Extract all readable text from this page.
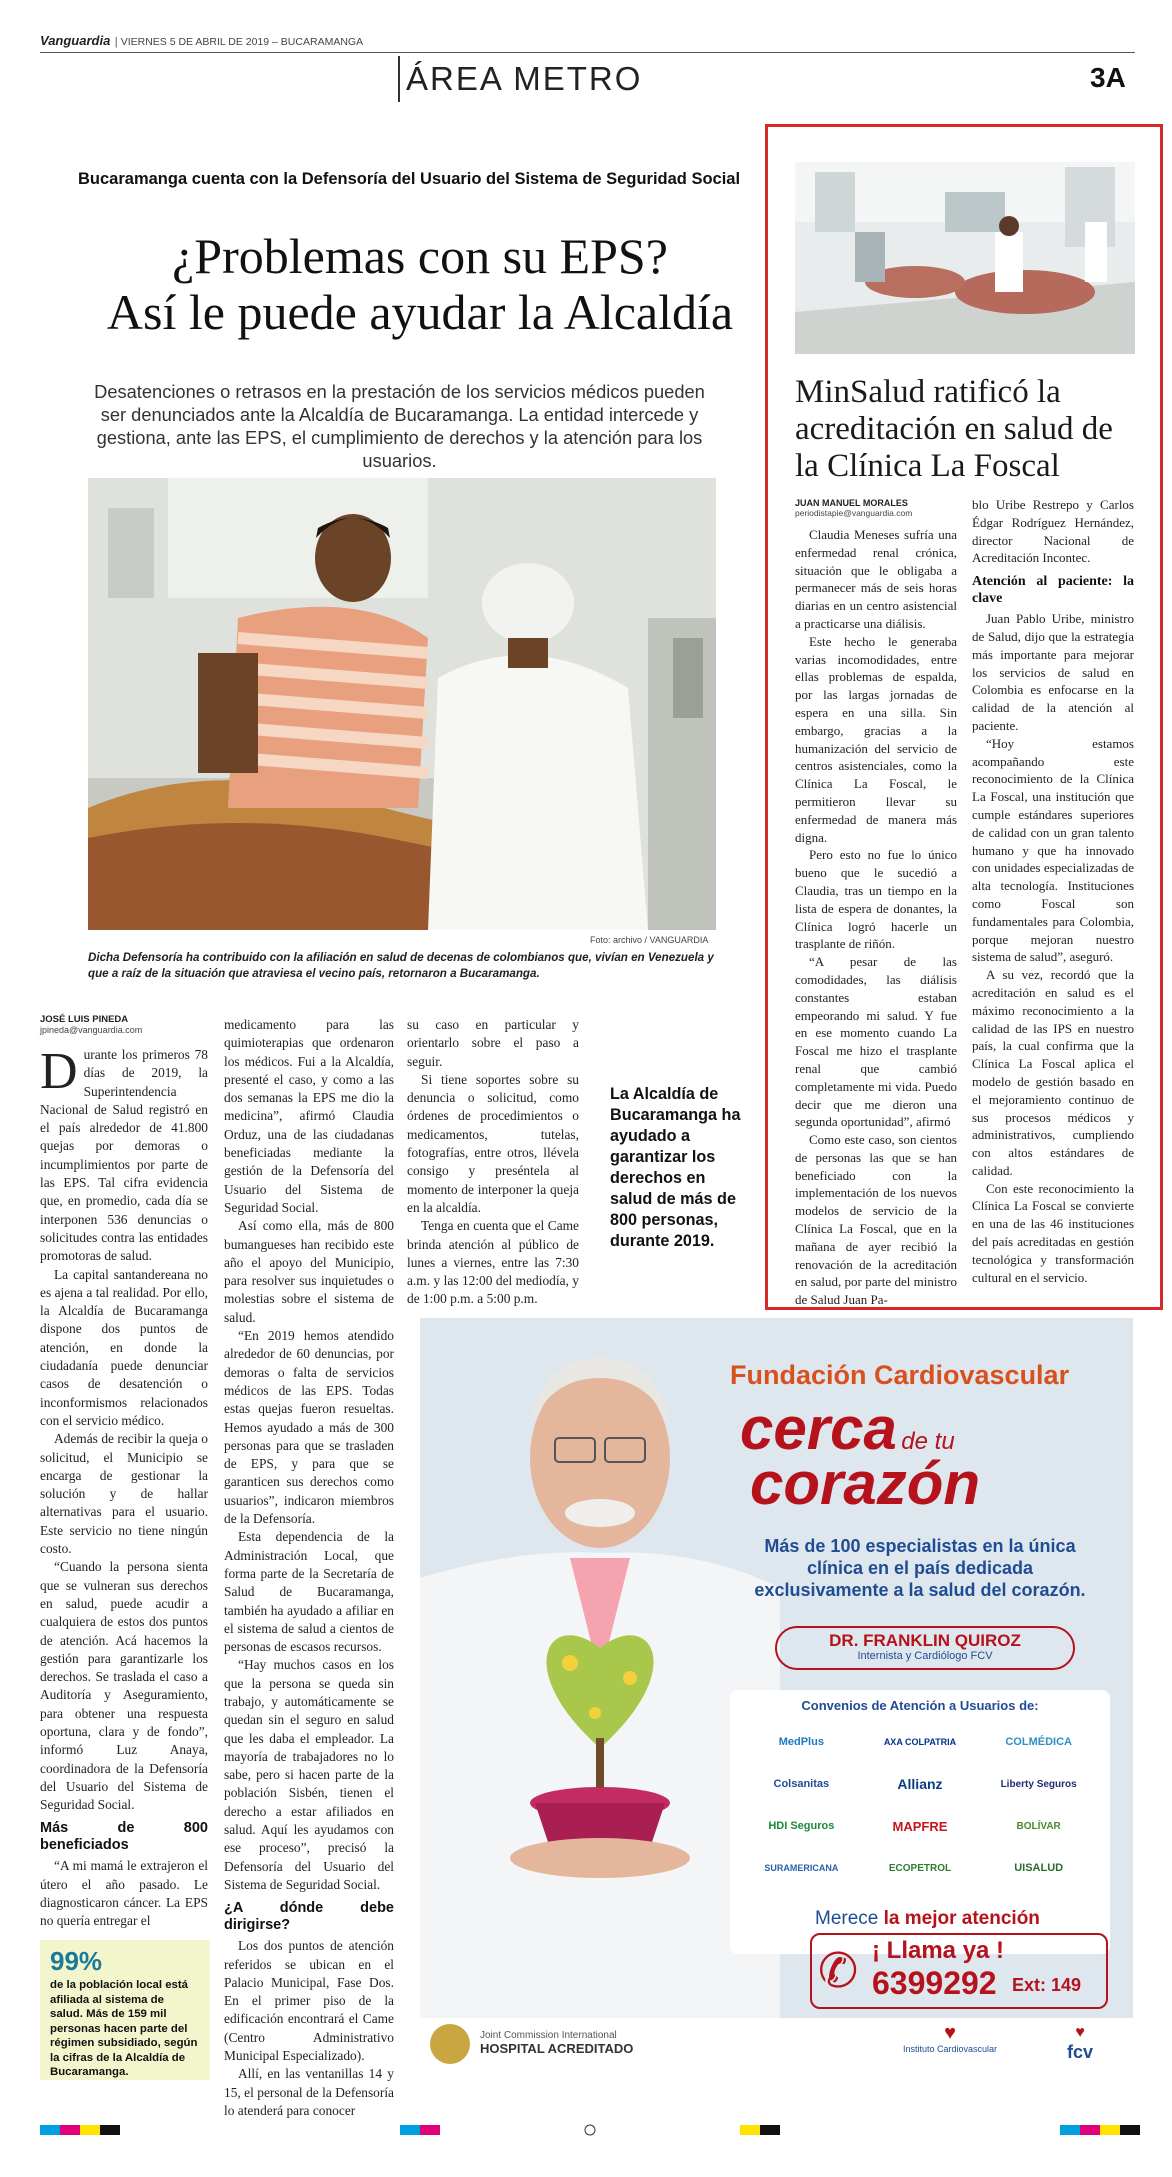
Vanguardia | VIERNES 5 DE ABRIL DE 2019 – BUCARAMANGA
ÁREA METRO	3A
Bucaramanga cuenta con la Defensoría del Usuario del Sistema de Seguridad Social
¿Problemas con su EPS?
Así le puede ayudar la Alcaldía
Desatenciones o retrasos en la prestación de los servicios médicos pueden ser denunciados ante la Alcaldía de Bucaramanga. La entidad intercede y gestiona, ante las EPS, el cumplimiento de derechos y la atención para los usuarios.
Foto: archivo / VANGUARDIA
Dicha Defensoría ha contribuido con la afiliación en salud de decenas de colombianos que, vivían en Venezuela y que a raíz de la situación que atraviesa el vecino país, retornaron a Bucaramanga.
JOSÉ LUIS PINEDA
jpineda@vanguardia.com

Durante los primeros 78 días de 2019, la Superintendencia Nacional de Salud registró en el país alrededor de 41.800 quejas por demoras o incumplimientos por parte de las EPS. Tal cifra evidencia que, en promedio, cada día se interponen 536 denuncias o solicitudes contra las entidades promotoras de salud.

La capital santandereana no es ajena a tal realidad. Por ello, la Alcaldía de Bucaramanga dispone dos puntos de atención, en donde la ciudadanía puede denunciar casos de desatención o inconformismos relacionados con el servicio médico.

Además de recibir la queja o solicitud, el Municipio se encarga de gestionar la solución y de hallar alternativas para el usuario. Este servicio no tiene ningún costo.

“Cuando la persona sienta que se vulneran sus derechos en salud, puede acudir a cualquiera de estos dos puntos de atención. Acá hacemos la gestión para garantizarle los derechos. Se traslada el caso a Auditoría y Aseguramiento, para obtener una respuesta oportuna, clara y de fondo”, informó Luz Anaya, coordinadora de la Defensoría del Usuario del Sistema de Seguridad Social.

Más de 800 beneficiados

“A mi mamá le extrajeron el útero el año pasado. Le diagnosticaron cáncer. La EPS no quería entregar el

99%
de la población local está afiliada al sistema de salud. Más de 159 mil personas hacen parte del régimen subsidiado, según la cifras de la Alcaldía de Bucaramanga.

medicamento para las quimioterapias que ordenaron los médicos. Fui a la Alcaldía, presenté el caso, y como a las dos semanas la EPS me dio la medicina”, afirmó Claudia Orduz, una de las ciudadanas beneficiadas mediante la gestión de la Defensoría del Usuario del Sistema de Seguridad Social.

Así como ella, más de 800 bumangueses han recibido este año el apoyo del Municipio, para resolver sus inquietudes o molestias sobre el sistema de salud.

“En 2019 hemos atendido alrededor de 60 denuncias, por demoras o falta de servicios médicos de las EPS. Todas estas quejas fueron resueltas. Hemos ayudado a más de 300 personas para que se trasladen de EPS, y para que se garanticen sus derechos como usuarios”, indicaron miembros de la Defensoría.

Esta dependencia de la Administración Local, que forma parte de la Secretaría de Salud de Bucaramanga, también ha ayudado a afiliar en el sistema de salud a cientos de personas de escasos recursos.

“Hay muchos casos en los que la persona se queda sin trabajo, y automáticamente se quedan sin el seguro en salud que les daba el empleador. La mayoría de trabajadores no lo sabe, pero si hacen parte de la población Sisbén, tienen el derecho a estar afiliados en salud. Aquí les ayudamos con ese proceso”, precisó la Defensoría del Usuario del Sistema de Seguridad Social.

¿A dónde debe dirigirse?

Los dos puntos de atención referidos se ubican en el Palacio Municipal, Fase Dos. En el primer piso de la edificación encontrará el Came (Centro Administrativo Municipal Especializado).

Allí, en las ventanillas 14 y 15, el personal de la Defensoría lo atenderá para conocer

su caso en particular y orientarlo sobre el paso a seguir.

Si tiene soportes sobre su denuncia o solicitud, como órdenes de procedimientos o medicamentos, tutelas, fotografías, entre otros, llévela consigo y preséntela al momento de interponer la queja en la alcaldía.

Tenga en cuenta que el Came brinda atención al público de lunes a viernes, entre las 7:30 a.m. y las 12:00 del mediodía, y de 1:00 p.m. a 5:00 p.m.

La Alcaldía de Bucaramanga ha ayudado a garantizar los derechos en salud de más de 800 personas, durante 2019.
MinSalud ratificó la acreditación en salud de la Clínica La Foscal
JUAN MANUEL MORALES
periodistapie@vanguardia.com

Claudia Meneses sufría una enfermedad renal crónica, situación que le obligaba a permanecer más de seis horas diarias en un centro asistencial a practicarse una diálisis.

Este hecho le generaba varias incomodidades, entre ellas problemas de espalda, por las largas jornadas de espera en una silla. Sin embargo, gracias a la humanización del servicio de centros asistenciales, como la Clínica La Foscal, le permitieron llevar su enfermedad de manera más digna.

Pero esto no fue lo único bueno que le sucedió a Claudia, tras un tiempo en la lista de espera de donantes, la Clínica logró hacerle un trasplante de riñón.

“A pesar de las comodidades, las diálisis constantes estaban empeorando mi salud. Y fue en ese momento cuando La Foscal me hizo el trasplante renal que cambió completamente mi vida. Puedo decir que me dieron una segunda oportunidad”, afirmó

Como este caso, son cientos de personas las que se han beneficiado con la implementación de los nuevos modelos de servicio de la Clínica La Foscal, que en la mañana de ayer recibió la renovación de la acreditación en salud, por parte del ministro de Salud Juan Pa-

blo Uribe Restrepo y Carlos Édgar Rodríguez Hernández, director Nacional de Acreditación Incontec.

Atención al paciente: la clave

Juan Pablo Uribe, ministro de Salud, dijo que la estrategia más importante para mejorar los servicios de salud en Colombia es enfocarse en la calidad de la atención al paciente.

“Hoy estamos acompañando este reconocimiento de la Clínica La Foscal, una institución que cumple estándares superiores de calidad con un gran talento humano y que ha innovado con unidades especializadas de alta tecnología. Instituciones como Foscal son fundamentales para Colombia, porque mejoran nuestro sistema de salud”, aseguró.

A su vez, recordó que la acreditación en salud es el máximo reconocimiento a la calidad de las IPS en nuestro país, la cual confirma que la Clínica La Foscal aplica el modelo de gestión basado en el mejoramiento continuo de sus procesos médicos y administrativos, cumpliendo con altos estándares de calidad.

Con este reconocimiento la Clínica La Foscal se convierte en una de las 46 instituciones del país acreditadas en gestión tecnológica y transformación cultural en el servicio.

Fundación Cardiovascular
cerca de tu
corazón
Más de 100 especialistas en la única clínica en el país dedicada exclusivamente a la salud del corazón.
DR. FRANKLIN QUIROZ
Internista y Cardiólogo FCV
Convenios de Atención a Usuarios de:
MedPlus	AXA COLPATRIA	COLMÉDICA
Colsanitas	Allianz	Liberty Seguros
HDI Seguros	MAPFRE	BOLÍVAR
SURAMERICANA	ECOPETROL	UISALUD
Merece la mejor atención
✆ ¡ Llama ya !
6399292 Ext: 149
Joint Commission International
HOSPITAL ACREDITADO
♥
Instituto Cardiovascular
♥
fcv
